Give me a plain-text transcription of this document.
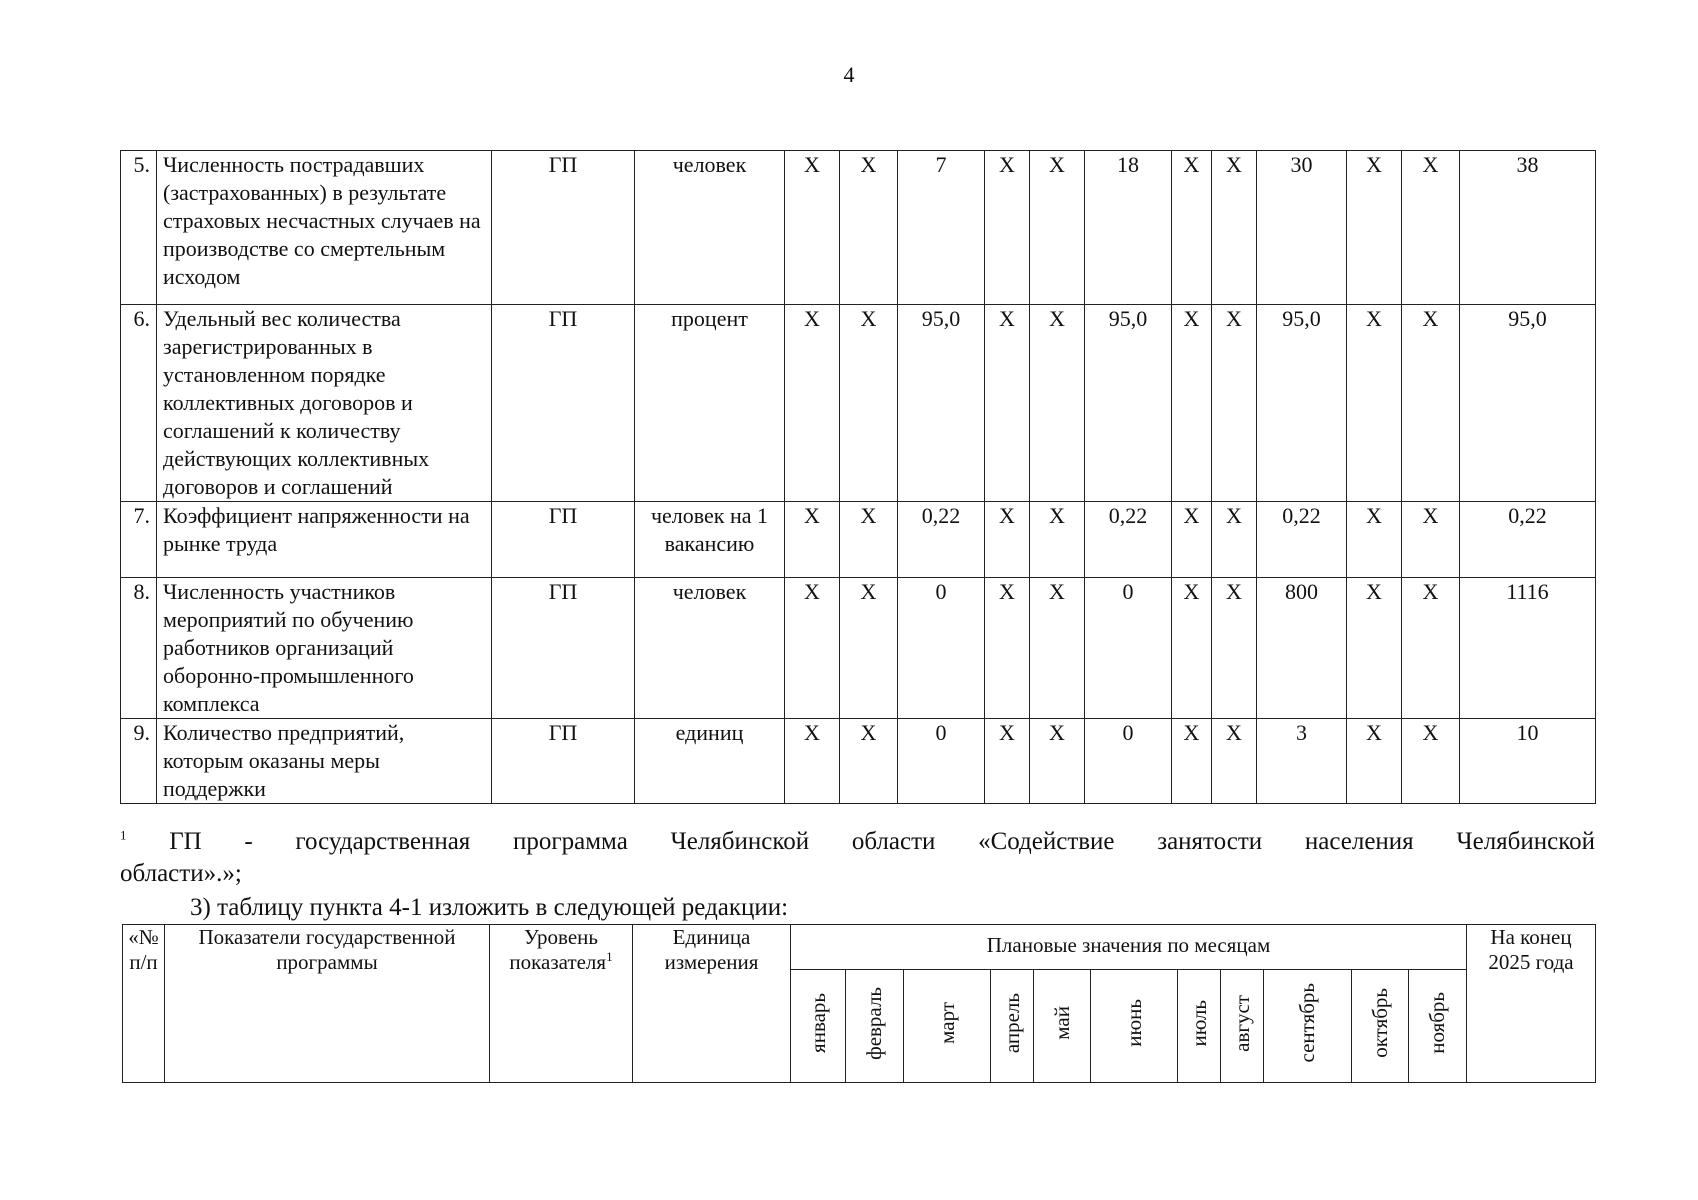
4
5.	Численность пострадавших (застрахованных) в результате страховых несчастных случаев на производстве со смертельным исходом	ГП	человек	X	X	7	X	X	18	X	X	30	X	X	38
6.	Удельный вес количества зарегистрированных в установленном порядке коллективных договоров и соглашений к количеству действующих коллективных договоров и соглашений	ГП	процент	X	X	95,0	X	X	95,0	X	X	95,0	X	X	95,0
7.	Коэффициент напряженности на рынке труда	ГП	человек на 1 вакансию	X	X	0,22	X	X	0,22	X	X	0,22	X	X	0,22
8.	Численность участников мероприятий по обучению работников организаций оборонно-промышленного комплекса	ГП	человек	X	X	0	X	X	0	X	X	800	X	X	1116
9.	Количество предприятий, которым оказаны меры поддержки	ГП	единиц	X	X	0	X	X	0	X	X	3	X	X	10
$^1$ ГП - государственная программа Челябинской области «Содействие занятости населения Челябинской
области».»;
3) таблицу пункта 4-1 изложить в следующей редакции:
«№ п/п	Показатели государственной программы	Уровень показателя$^1$	Единица измерения	Плановые значения по месяцам											На конец 2025 года
				январь	февраль	март	апрель	май	июнь	июль	август	сентябрь	октябрь	ноябрь	
